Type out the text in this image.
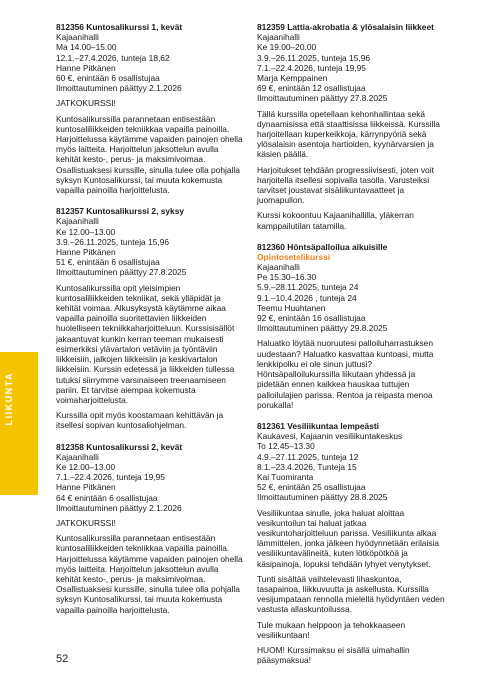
LIIKUNTA
812356 Kuntosalikurssi 1, kevät
Kajaanihalli
Ma 14.00–15.00
12.1.–27.4.2026, tunteja 18,62
Hanne Pitkänen
60 €, enintään 6 osallistujaa
Ilmoittautuminen päättyy 2.1.2026
JATKOKURSSI!
Kuntosalikurssilla parannetaan entisestään kuntosaliliikkeiden tekniikkaa vapailla painoilla. Harjoittelussa käytämme vapaiden painojen ohella myös laitteita. Harjoittelun jaksottelun avulla kehität kesto-, perus- ja maksimivoimaa. Osallistuaksesi kurssille, sinulla tulee olla pohjalla syksyn Kuntosalikurssi, tai muuta kokemusta vapailla painoilla harjoittelusta.
812357 Kuntosalikurssi 2, syksy
Kajaanihalli
Ke 12.00–13.00
3.9.–26.11.2025, tunteja 15,96
Hanne Pitkänen
51 €, enintään 6 osallistujaa
Ilmoittautuminen päättyy 27.8.2025
Kuntosalikurssilla opit yleisimpien kuntosaliliikkeiden tekniikat, sekä ylläpidät ja kehität voimaa. Alkusyksystä käytämme aikaa vapailla painoilla suoritettavien liikkeiden huolelliseen tekniikkaharjoitteluun. Kurssisisällöt jakaantuvat kunkin kerran teeman mukaisesti esimerkiksi ylävartalon vetäviin ja työntäviin liikkeisiin, jalkojen liikkeisiin ja keskivartalon liikkeisiin. Kurssin edetessä ja liikkeiden tullessa tutuksi siirrymme varsinaiseen treenaamiseen pariin. Et tarvitse aiempaa kokemusta voimaharjoittelusta.
Kurssilla opit myös koostamaan kehittävän ja itsellesi sopivan kuntosaliohjelman.
812358 Kuntosalikurssi 2, kevät
Kajaanihalli
Ke 12.00–13.00
7.1.–22.4.2026, tunteja 19,95
Hanne Pitkänen
64 € enintään 6 osallistujaa
Ilmoittautuminen päättyy 2.1.2026
JATKOKURSSI!
Kuntosalikurssilla parannetaan entisestään kuntosaliliikkeiden tekniikkaa vapailla painoilla. Harjoittelussa käytämme vapaiden painojen ohella myös laitteita. Harjoittelun jaksottelun avulla kehität kesto-, perus- ja maksimivoimaa. Osallistuaksesi kurssille, sinulla tulee olla pohjalla syksyn Kuntosalikurssi, tai muuta kokemusta vapailla painoilla harjoittelusta.
812359 Lattia-akrobatia & ylösalaisin liikkeet
Kajaanihalli
Ke 19.00–20.00
3.9.–26.11.2025, tunteja 15,96
7.1.–22.4.2026, tunteja 19,95
Marja Kemppainen
69 €, enintään 12 osallistujaa
Ilmoittautuminen päättyy 27.8.2025
Tällä kurssilla opetellaan kehonhallintaa sekä dynaamisissa että staattisissa liikkeissä. Kurssilla harjoitellaan kuperkeikkoja, kärrynpyöriä sekä ylösalaisin asentoja hartioiden, kyynärvarsien ja käsien päällä.
Harjoitukset tehdään progressiivisesti, joten voit harjoitella itsellesi sopivalla tasolla. Varusteiksi tarvitset joustavat sisäliikuntavaatteet ja juomapullon.
Kurssi kokoontuu Kajaanihallilla, yläkerran kamppailutilan tatamilla.
812360 Höntsäpalloilua aikuisille
Opintosetelikurssi
Kajaanihalli
Pe 15.30–16.30
5.9.–28.11.2025, tunteja 24
9.1.–10.4.2026 , tunteja 24
Teemu Huuhtanen
92 €, enintään 16 osallistujaa
Ilmoittautuminen päättyy 29.8.2025
Haluatko löytää nuoruutesi palloiluharrastuksen uudestaan? Haluatko kasvattaa kuntoasi, mutta lenkkipolku ei ole sinun juttusi? Höntsäpalloilukurssilla liikutaan yhdessä ja pidetään ennen kaikkea hauskaa tuttujen palloilulajien parissa. Rentoa ja reipasta menoa porukalla!
812361 Vesiliikuntaa lempeästi
Kaukavesi, Kajaanin vesiliikuntakeskus
To 12.45–13.30
4.9.–27.11.2025, tunteja 12
8.1.–23.4.2026, Tunteja 15
Kai Tuomiranta
52 €, enintään 25 osallistujaa
Ilmoittautuminen päättyy 28.8.2025
Vesiliikuntaa sinulle, joka haluat aloittaa vesikuntoilun tai haluat jatkaa vesikuntoharjoitteluun parissa. Vesiliikunta alkaa lämmittelen, jonka jälkeen hyödynnetään erilaisia vesiliikuntavälineitä, kuten lötköpötköä ja käsipainoja, lopuksi tehdään lyhyet venytykset.
Tunti sisältää vaihtelevasti lihaskuntoa, tasapainoa, liikkuvuutta ja askellusta. Kurssilla vesijumpataan rennolla mielellä hyödyntäen veden vastusta allaskuntoilussa.
Tule mukaan helppoon ja tehokkaaseen vesiliikuntaan!
HUOM! Kurssimaksu ei sisällä uimahallin pääsymaksua!
52
